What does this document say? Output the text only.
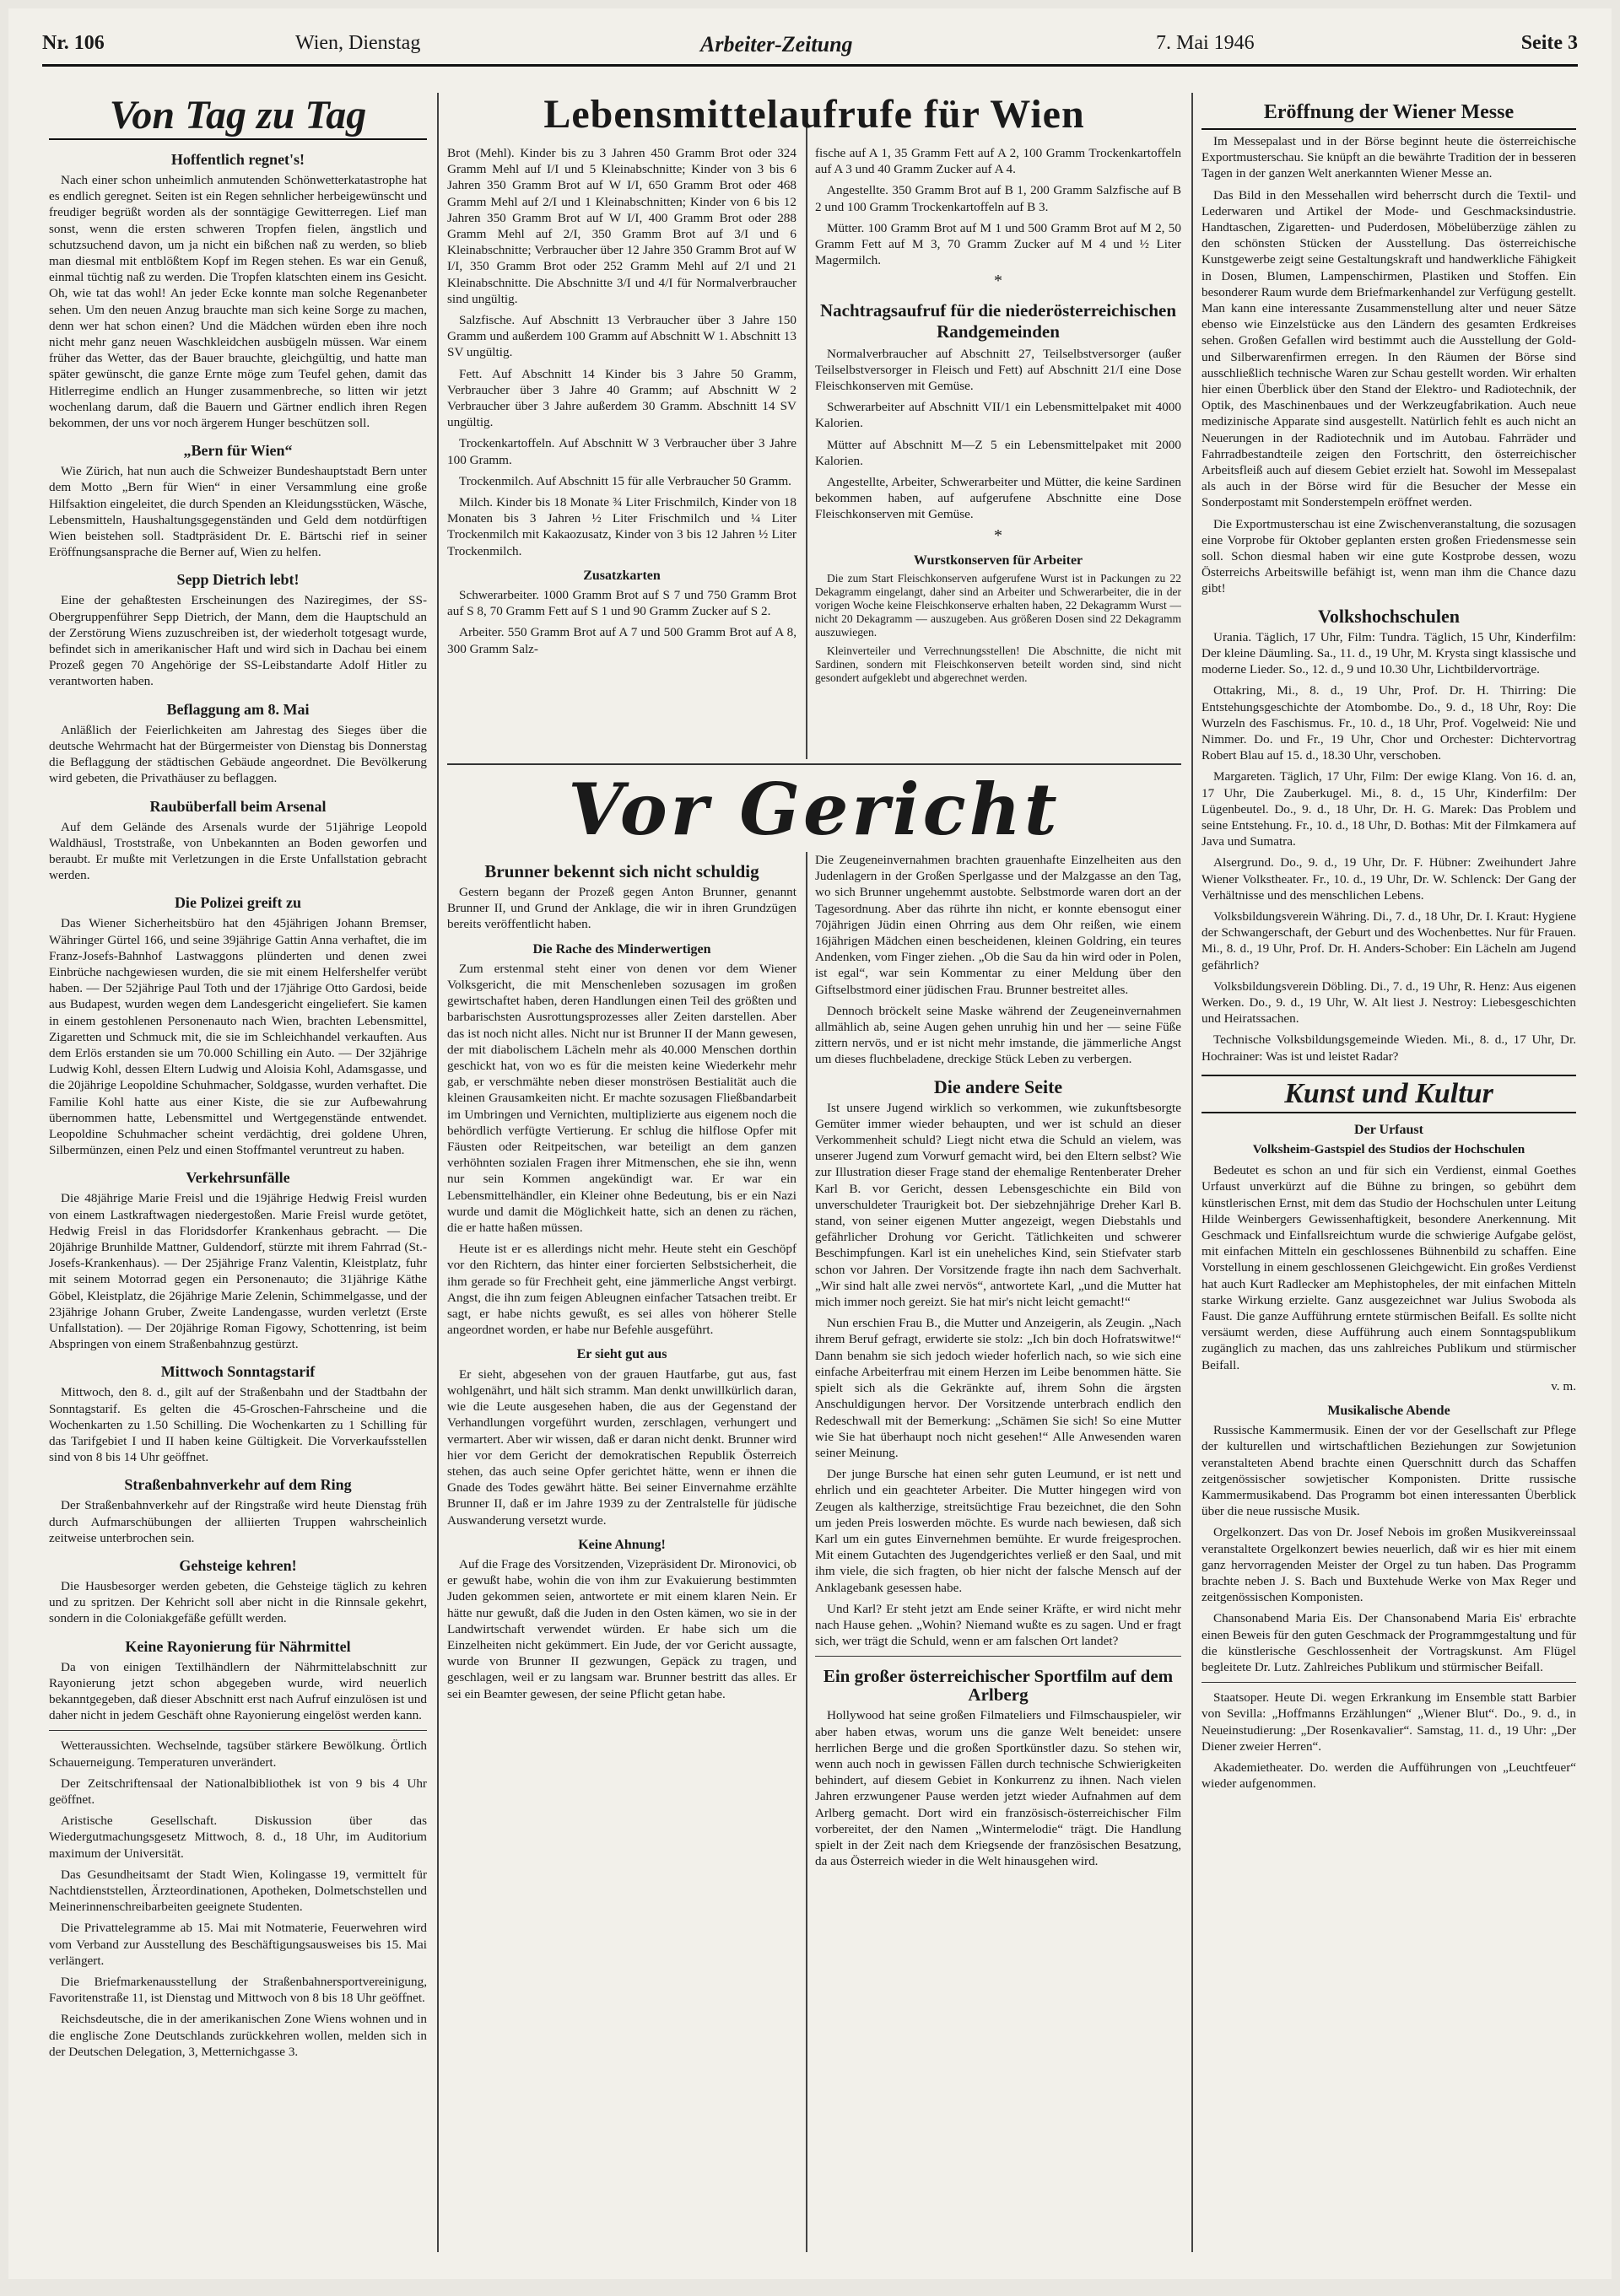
Nr. 106	Wien, Dienstag	Arbeiter-Zeitung	7. Mai 1946	Seite 3
Von Tag zu Tag
Hoffentlich regnet's!

Nach einer schon unheimlich anmutenden Schönwetterkatastrophe hat es endlich geregnet. Seiten ist ein Regen sehnlicher herbeigewünscht und freudiger begrüßt worden als der sonntägige Gewitterregen. Lief man sonst, wenn die ersten schweren Tropfen fielen, ängstlich und schutzsuchend davon, um ja nicht ein bißchen naß zu werden, so blieb man diesmal mit entblößtem Kopf im Regen stehen. Es war ein Genuß, einmal tüchtig naß zu werden. Die Tropfen klatschten einem ins Gesicht. Oh, wie tat das wohl! An jeder Ecke konnte man solche Regenanbeter sehen. Um den neuen Anzug brauchte man sich keine Sorge zu machen, denn wer hat schon einen? Und die Mädchen würden eben ihre noch nicht mehr ganz neuen Waschkleidchen ausbügeln müssen. War einem früher das Wetter, das der Bauer brauchte, gleichgültig, und hatte man später gewünscht, die ganze Ernte möge zum Teufel gehen, damit das Hitlerregime endlich an Hunger zusammenbreche, so litten wir jetzt wochenlang darum, daß die Bauern und Gärtner endlich ihren Regen bekommen, der uns vor noch ärgerem Hunger beschützen soll.

„Bern für Wien“

Wie Zürich, hat nun auch die Schweizer Bundeshauptstadt Bern unter dem Motto „Bern für Wien“ in einer Versammlung eine große Hilfsaktion eingeleitet, die durch Spenden an Kleidungsstücken, Wäsche, Lebensmitteln, Haushaltungsgegenständen und Geld dem notdürftigen Wien beistehen soll. Stadtpräsident Dr. E. Bärtschi rief in seiner Eröffnungsansprache die Berner auf, Wien zu helfen.

Sepp Dietrich lebt!

Eine der gehaßtesten Erscheinungen des Naziregimes, der SS-Obergruppenführer Sepp Dietrich, der Mann, dem die Hauptschuld an der Zerstörung Wiens zuzuschreiben ist, der wiederholt totgesagt wurde, befindet sich in amerikanischer Haft und wird sich in Dachau bei einem Prozeß gegen 70 Angehörige der SS-Leibstandarte Adolf Hitler zu verantworten haben.

Beflaggung am 8. Mai

Anläßlich der Feierlichkeiten am Jahrestag des Sieges über die deutsche Wehrmacht hat der Bürgermeister von Dienstag bis Donnerstag die Beflaggung der städtischen Gebäude angeordnet. Die Bevölkerung wird gebeten, die Privathäuser zu beflaggen.

Raubüberfall beim Arsenal

Auf dem Gelände des Arsenals wurde der 51jährige Leopold Waldhäusl, Troststraße, von Unbekannten an Boden geworfen und beraubt. Er mußte mit Verletzungen in die Erste Unfallstation gebracht werden.

Die Polizei greift zu

Das Wiener Sicherheitsbüro hat den 45jährigen Johann Bremser, Währinger Gürtel 166, und seine 39jährige Gattin Anna verhaftet, die im Franz-Josefs-Bahnhof Lastwaggons plünderten und denen zwei Einbrüche nachgewiesen wurden, die sie mit einem Helfershelfer verübt haben. — Der 52jährige Paul Toth und der 17jährige Otto Gardosi, beide aus Budapest, wurden wegen dem Landesgericht eingeliefert. Sie kamen in einem gestohlenen Personenauto nach Wien, brachten Lebensmittel, Zigaretten und Schmuck mit, die sie im Schleichhandel verkauften. Aus dem Erlös erstanden sie um 70.000 Schilling ein Auto. — Der 32jährige Ludwig Kohl, dessen Eltern Ludwig und Aloisia Kohl, Adamsgasse, und die 20jährige Leopoldine Schuhmacher, Soldgasse, wurden verhaftet. Die Familie Kohl hatte aus einer Kiste, die sie zur Aufbewahrung übernommen hatte, Lebensmittel und Wertgegenstände entwendet. Leopoldine Schuhmacher scheint verdächtig, drei goldene Uhren, Silbermünzen, einen Pelz und einen Stoffmantel veruntreut zu haben.

Verkehrsunfälle

Die 48jährige Marie Freisl und die 19jährige Hedwig Freisl wurden von einem Lastkraftwagen niedergestoßen. Marie Freisl wurde getötet, Hedwig Freisl in das Floridsdorfer Krankenhaus gebracht. — Die 20jährige Brunhilde Mattner, Guldendorf, stürzte mit ihrem Fahrrad (St.-Josefs-Krankenhaus). — Der 25jährige Franz Valentin, Kleistplatz, fuhr mit seinem Motorrad gegen ein Personenauto; die 31jährige Käthe Göbel, Kleistplatz, die 26jährige Marie Zelenin, Schimmelgasse, und der 23jährige Johann Gruber, Zweite Landengasse, wurden verletzt (Erste Unfallstation). — Der 20jährige Roman Figowy, Schottenring, ist beim Abspringen von einem Straßenbahnzug gestürzt.

Mittwoch Sonntagstarif

Mittwoch, den 8. d., gilt auf der Straßenbahn und der Stadtbahn der Sonntagstarif. Es gelten die 45-Groschen-Fahrscheine und die Wochenkarten zu 1.50 Schilling. Die Wochenkarten zu 1 Schilling für das Tarifgebiet I und II haben keine Gültigkeit. Die Vorverkaufsstellen sind von 8 bis 14 Uhr geöffnet.

Straßenbahnverkehr auf dem Ring

Der Straßenbahnverkehr auf der Ringstraße wird heute Dienstag früh durch Aufmarschübungen der alliierten Truppen wahrscheinlich zeitweise unterbrochen sein.

Gehsteige kehren!

Die Hausbesorger werden gebeten, die Gehsteige täglich zu kehren und zu spritzen. Der Kehricht soll aber nicht in die Rinnsale gekehrt, sondern in die Coloniakgefäße gefüllt werden.

Keine Rayonierung für Nährmittel

Da von einigen Textilhändlern der Nährmittelabschnitt zur Rayonierung jetzt schon abgegeben wurde, wird neuerlich bekanntgegeben, daß dieser Abschnitt erst nach Aufruf einzulösen ist und daher nicht in jedem Geschäft ohne Rayonierung eingelöst werden kann.

Wetteraussichten. Wechselnde, tagsüber stärkere Bewölkung. Örtlich Schauerneigung. Temperaturen unverändert.

Der Zeitschriftensaal der Nationalbibliothek ist von 9 bis 4 Uhr geöffnet.

Aristische Gesellschaft. Diskussion über das Wiedergutmachungsgesetz Mittwoch, 8. d., 18 Uhr, im Auditorium maximum der Universität.

Das Gesundheitsamt der Stadt Wien, Kolingasse 19, vermittelt für Nachtdienststellen, Ärzteordinationen, Apotheken, Dolmetschstellen und Meinerinnenschreibarbeiten geeignete Studenten.

Die Privattelegramme ab 15. Mai mit Notmaterie, Feuerwehren wird vom Verband zur Ausstellung des Beschäftigungsausweises bis 15. Mai verlängert.

Die Briefmarkenausstellung der Straßenbahnersportvereinigung, Favoritenstraße 11, ist Dienstag und Mittwoch von 8 bis 18 Uhr geöffnet.

Reichsdeutsche, die in der amerikanischen Zone Wiens wohnen und in die englische Zone Deutschlands zurückkehren wollen, melden sich in der Deutschen Delegation, 3, Metternichgasse 3.

Lebensmittelaufrufe für Wien

Brot (Mehl). Kinder bis zu 3 Jahren 450 Gramm Brot oder 324 Gramm Mehl auf I/I und 5 Kleinabschnitte; Kinder von 3 bis 6 Jahren 350 Gramm Brot auf W I/I, 650 Gramm Brot oder 468 Gramm Mehl auf 2/I und 1 Kleinabschnitten; Kinder von 6 bis 12 Jahren 350 Gramm Brot auf W I/I, 400 Gramm Brot oder 288 Gramm Mehl auf 2/I, 350 Gramm Brot auf 3/I und 6 Kleinabschnitte; Verbraucher über 12 Jahre 350 Gramm Brot auf W I/I, 350 Gramm Brot oder 252 Gramm Mehl auf 2/I und 21 Kleinabschnitte. Die Abschnitte 3/I und 4/I für Normalverbraucher sind ungültig.

Salzfische. Auf Abschnitt 13 Verbraucher über 3 Jahre 150 Gramm und außerdem 100 Gramm auf Abschnitt W 1. Abschnitt 13 SV ungültig.

Fett. Auf Abschnitt 14 Kinder bis 3 Jahre 50 Gramm, Verbraucher über 3 Jahre 40 Gramm; auf Abschnitt W 2 Verbraucher über 3 Jahre außerdem 30 Gramm. Abschnitt 14 SV ungültig.

Trockenkartoffeln. Auf Abschnitt W 3 Verbraucher über 3 Jahre 100 Gramm.

Trockenmilch. Auf Abschnitt 15 für alle Verbraucher 50 Gramm.

Milch. Kinder bis 18 Monate ¾ Liter Frischmilch, Kinder von 18 Monaten bis 3 Jahren ½ Liter Frischmilch und ¼ Liter Trockenmilch mit Kakaozusatz, Kinder von 3 bis 12 Jahren ½ Liter Trockenmilch.

Zusatzkarten

Schwerarbeiter. 1000 Gramm Brot auf S 7 und 750 Gramm Brot auf S 8, 70 Gramm Fett auf S 1 und 90 Gramm Zucker auf S 2.

Arbeiter. 550 Gramm Brot auf A 7 und 500 Gramm Brot auf A 8, 300 Gramm Salz-

fische auf A 1, 35 Gramm Fett auf A 2, 100 Gramm Trockenkartoffeln auf A 3 und 40 Gramm Zucker auf A 4.

Angestellte. 350 Gramm Brot auf B 1, 200 Gramm Salzfische auf B 2 und 100 Gramm Trockenkartoffeln auf B 3.

Mütter. 100 Gramm Brot auf M 1 und 500 Gramm Brot auf M 2, 50 Gramm Fett auf M 3, 70 Gramm Zucker auf M 4 und ½ Liter Magermilch.

*
Nachtragsaufruf für die niederösterreichischen Randgemeinden

Normalverbraucher auf Abschnitt 27, Teilselbstversorger (außer Teilselbstversorger in Fleisch und Fett) auf Abschnitt 21/I eine Dose Fleischkonserven mit Gemüse.

Schwerarbeiter auf Abschnitt VII/1 ein Lebensmittelpaket mit 4000 Kalorien.

Mütter auf Abschnitt M—Z 5 ein Lebensmittelpaket mit 2000 Kalorien.

Angestellte, Arbeiter, Schwerarbeiter und Mütter, die keine Sardinen bekommen haben, auf aufgerufene Abschnitte eine Dose Fleischkonserven mit Gemüse.

*
Wurstkonserven für Arbeiter

Die zum Start Fleischkonserven aufgerufene Wurst ist in Packungen zu 22 Dekagramm eingelangt, daher sind an Arbeiter und Schwerarbeiter, die in der vorigen Woche keine Fleischkonserve erhalten haben, 22 Dekagramm Wurst — nicht 20 Dekagramm — auszugeben. Aus größeren Dosen sind 22 Dekagramm auszuwiegen.

Kleinverteiler und Verrechnungsstellen! Die Abschnitte, die nicht mit Sardinen, sondern mit Fleischkonserven beteilt worden sind, sind nicht gesondert aufgeklebt und abgerechnet werden.

Vor Gericht
Brunner bekennt sich nicht schuldig

Gestern begann der Prozeß gegen Anton Brunner, genannt Brunner II, und Grund der Anklage, die wir in ihren Grundzügen bereits veröffentlicht haben.

Die Rache des Minderwertigen

Zum erstenmal steht einer von denen vor dem Wiener Volksgericht, die mit Menschenleben sozusagen im großen gewirtschaftet haben, deren Handlungen einen Teil des größten und barbarischsten Ausrottungsprozesses aller Zeiten darstellen. Aber das ist noch nicht alles. Nicht nur ist Brunner II der Mann gewesen, der mit diabolischem Lächeln mehr als 40.000 Menschen dorthin geschickt hat, von wo es für die meisten keine Wiederkehr mehr gab, er verschmähte neben dieser monströsen Bestialität auch die kleinen Grausamkeiten nicht. Er machte sozusagen Fließbandarbeit im Umbringen und Vernichten, multiplizierte aus eigenem noch die behördlich verfügte Vertierung. Er schlug die hilflose Opfer mit Fäusten oder Reitpeitschen, war beteiligt an dem ganzen verhöhnten sozialen Fragen ihrer Mitmenschen, ehe sie ihn, wenn nur sein Kommen angekündigt war. Er war ein Lebensmittelhändler, ein Kleiner ohne Bedeutung, bis er ein Nazi wurde und damit die Möglichkeit hatte, sich an denen zu rächen, die er hatte haßen müssen.

Heute ist er es allerdings nicht mehr. Heute steht ein Geschöpf vor den Richtern, das hinter einer forcierten Selbstsicherheit, die ihm gerade so für Frechheit geht, eine jämmerliche Angst verbirgt. Angst, die ihn zum feigen Ableugnen einfacher Tatsachen treibt. Er sagt, er habe nichts gewußt, es sei alles von höherer Stelle angeordnet worden, er habe nur Befehle ausgeführt.

Er sieht gut aus

Er sieht, abgesehen von der grauen Hautfarbe, gut aus, fast wohlgenährt, und hält sich stramm. Man denkt unwillkürlich daran, wie die Leute ausgesehen haben, die aus der Gegenstand der Verhandlungen vorgeführt wurden, zerschlagen, verhungert und vermartert. Aber wir wissen, daß er daran nicht denkt. Brunner wird hier vor dem Gericht der demokratischen Republik Österreich stehen, das auch seine Opfer gerichtet hätte, wenn er ihnen die Gnade des Todes gewährt hätte. Bei seiner Einvernahme erzählte Brunner II, daß er im Jahre 1939 zu der Zentralstelle für jüdische Auswanderung versetzt wurde.

Keine Ahnung!

Auf die Frage des Vorsitzenden, Vizepräsident Dr. Mironovici, ob er gewußt habe, wohin die von ihm zur Evakuierung bestimmten Juden gekommen seien, antwortete er mit einem klaren Nein. Er hätte nur gewußt, daß die Juden in den Osten kämen, wo sie in der Landwirtschaft verwendet würden. Er habe sich um die Einzelheiten nicht gekümmert. Ein Jude, der vor Gericht aussagte, wurde von Brunner II gezwungen, Gepäck zu tragen, und geschlagen, weil er zu langsam war. Brunner bestritt das alles. Er sei ein Beamter gewesen, der seine Pflicht getan habe.

Die Zeugeneinvernahmen brachten grauenhafte Einzelheiten aus den Judenlagern in der Großen Sperlgasse und der Malzgasse an den Tag, wo sich Brunner ungehemmt austobte. Selbstmorde waren dort an der Tagesordnung. Aber das rührte ihn nicht, er konnte ebensogut einer 70jährigen Jüdin einen Ohrring aus dem Ohr reißen, wie einem 16jährigen Mädchen einen bescheidenen, kleinen Goldring, ein teures Andenken, vom Finger ziehen. „Ob die Sau da hin wird oder in Polen, ist egal“, war sein Kommentar zu einer Meldung über den Giftselbstmord einer jüdischen Frau. Brunner bestreitet alles.

Dennoch bröckelt seine Maske während der Zeugeneinvernahmen allmählich ab, seine Augen gehen unruhig hin und her — seine Füße zittern nervös, und er ist nicht mehr imstande, die jämmerliche Angst um dieses fluchbeladene, dreckige Stück Leben zu verbergen.

Die andere Seite

Ist unsere Jugend wirklich so verkommen, wie zukunftsbesorgte Gemüter immer wieder behaupten, und wer ist schuld an dieser Verkommenheit schuld? Liegt nicht etwa die Schuld an vielem, was unserer Jugend zum Vorwurf gemacht wird, bei den Eltern selbst? Wie zur Illustration dieser Frage stand der ehemalige Rentenberater Dreher Karl B. vor Gericht, dessen Lebensgeschichte ein Bild von unverschuldeter Traurigkeit bot. Der siebzehnjährige Dreher Karl B. stand, von seiner eigenen Mutter angezeigt, wegen Diebstahls und gefährlicher Drohung vor Gericht. Tätlichkeiten und schwerer Beschimpfungen. Karl ist ein uneheliches Kind, sein Stiefvater starb schon vor Jahren. Der Vorsitzende fragte ihn nach dem Sachverhalt. „Wir sind halt alle zwei nervös“, antwortete Karl, „und die Mutter hat mich immer noch gereizt. Sie hat mir's nicht leicht gemacht!“

Nun erschien Frau B., die Mutter und Anzeigerin, als Zeugin. „Nach ihrem Beruf gefragt, erwiderte sie stolz: „Ich bin doch Hofratswitwe!“ Dann benahm sie sich jedoch wieder hoferlich nach, so wie sich eine einfache Arbeiterfrau mit einem Herzen im Leibe benommen hätte. Sie spielt sich als die Gekränkte auf, ihrem Sohn die ärgsten Anschuldigungen hervor. Der Vorsitzende unterbrach endlich den Redeschwall mit der Bemerkung: „Schämen Sie sich! So eine Mutter wie Sie hat überhaupt noch nicht gesehen!“ Alle Anwesenden waren seiner Meinung.

Der junge Bursche hat einen sehr guten Leumund, er ist nett und ehrlich und ein geachteter Arbeiter. Die Mutter hingegen wird von Zeugen als kaltherzige, streitsüchtige Frau bezeichnet, die den Sohn um jeden Preis loswerden möchte. Es wurde nach bewiesen, daß sich Karl um ein gutes Einvernehmen bemühte. Er wurde freigesprochen. Mit einem Gutachten des Jugendgerichtes verließ er den Saal, und mit ihm viele, die sich fragten, ob hier nicht der falsche Mensch auf der Anklagebank gesessen habe.

Und Karl? Er steht jetzt am Ende seiner Kräfte, er wird nicht mehr nach Hause gehen. „Wohin? Niemand wußte es zu sagen. Und er fragt sich, wer trägt die Schuld, wenn er am falschen Ort landet?

Ein großer österreichischer Sportfilm auf dem Arlberg

Hollywood hat seine großen Filmateliers und Filmschauspieler, wir aber haben etwas, worum uns die ganze Welt beneidet: unsere herrlichen Berge und die großen Sportkünstler dazu. So stehen wir, wenn auch noch in gewissen Fällen durch technische Schwierigkeiten behindert, auf diesem Gebiet in Konkurrenz zu ihnen. Nach vielen Jahren erzwungener Pause werden jetzt wieder Aufnahmen auf dem Arlberg gemacht. Dort wird ein französisch-österreichischer Film vorbereitet, der den Namen „Wintermelodie“ trägt. Die Handlung spielt in der Zeit nach dem Kriegsende der französischen Besatzung, da aus Österreich wieder in die Welt hinausgehen wird.

Eröffnung der Wiener Messe

Im Messepalast und in der Börse beginnt heute die österreichische Exportmusterschau. Sie knüpft an die bewährte Tradition der in besseren Tagen in der ganzen Welt anerkannten Wiener Messe an.

Das Bild in den Messehallen wird beherrscht durch die Textil- und Lederwaren und Artikel der Mode- und Geschmacksindustrie. Handtaschen, Zigaretten- und Puderdosen, Möbelüberzüge zählen zu den schönsten Stücken der Ausstellung. Das österreichische Kunstgewerbe zeigt seine Gestaltungskraft und handwerkliche Fähigkeit in Dosen, Blumen, Lampenschirmen, Plastiken und Stoffen. Ein besonderer Raum wurde dem Briefmarkenhandel zur Verfügung gestellt. Man kann eine interessante Zusammenstellung alter und neuer Sätze ebenso wie Einzelstücke aus den Ländern des gesamten Erdkreises sehen. Großen Gefallen wird bestimmt auch die Ausstellung der Gold- und Silberwarenfirmen erregen. In den Räumen der Börse sind ausschließlich technische Waren zur Schau gestellt worden. Wir erhalten hier einen Überblick über den Stand der Elektro- und Radiotechnik, der Optik, des Maschinenbaues und der Werkzeugfabrikation. Auch neue medizinische Apparate sind ausgestellt. Natürlich fehlt es auch nicht an Neuerungen in der Radiotechnik und im Autobau. Fahrräder und Fahrradbestandteile zeigen den Fortschritt, den österreichischer Arbeitsfleiß auch auf diesem Gebiet erzielt hat. Sowohl im Messepalast als auch in der Börse wird für die Besucher der Messe ein Sonderpostamt mit Sonderstempeln eröffnet werden.

Die Exportmusterschau ist eine Zwischenveranstaltung, die sozusagen eine Vorprobe für Oktober geplanten ersten großen Friedensmesse sein soll. Schon diesmal haben wir eine gute Kostprobe dessen, wozu Österreichs Arbeitswille befähigt ist, wenn man ihm die Chance dazu gibt!

Volkshochschulen

Urania. Täglich, 17 Uhr, Film: Tundra. Täglich, 15 Uhr, Kinderfilm: Der kleine Däumling. Sa., 11. d., 19 Uhr, M. Krysta singt klassische und moderne Lieder. So., 12. d., 9 und 10.30 Uhr, Lichtbildervorträge.

Ottakring, Mi., 8. d., 19 Uhr, Prof. Dr. H. Thirring: Die Entstehungsgeschichte der Atombombe. Do., 9. d., 18 Uhr, Roy: Die Wurzeln des Faschismus. Fr., 10. d., 18 Uhr, Prof. Vogelweid: Nie und Nimmer. Do. und Fr., 19 Uhr, Chor und Orchester: Dichtervortrag Robert Blau auf 15. d., 18.30 Uhr, verschoben.

Margareten. Täglich, 17 Uhr, Film: Der ewige Klang. Von 16. d. an, 17 Uhr, Die Zauberkugel. Mi., 8. d., 15 Uhr, Kinderfilm: Der Lügenbeutel. Do., 9. d., 18 Uhr, Dr. H. G. Marek: Das Problem und seine Entstehung. Fr., 10. d., 18 Uhr, D. Bothas: Mit der Filmkamera auf Java und Sumatra.

Alsergrund. Do., 9. d., 19 Uhr, Dr. F. Hübner: Zweihundert Jahre Wiener Volkstheater. Fr., 10. d., 19 Uhr, Dr. W. Schlenck: Der Gang der Verhältnisse und des menschlichen Lebens.

Volksbildungsverein Währing. Di., 7. d., 18 Uhr, Dr. I. Kraut: Hygiene der Schwangerschaft, der Geburt und des Wochenbettes. Nur für Frauen. Mi., 8. d., 19 Uhr, Prof. Dr. H. Anders-Schober: Ein Lächeln am Jugend gefährlich?

Volksbildungsverein Döbling. Di., 7. d., 19 Uhr, R. Henz: Aus eigenen Werken. Do., 9. d., 19 Uhr, W. Alt liest J. Nestroy: Liebesgeschichten und Heiratssachen.

Technische Volksbildungsgemeinde Wieden. Mi., 8. d., 17 Uhr, Dr. Hochrainer: Was ist und leistet Radar?

Kunst und Kultur
Der Urfaust

Volksheim-Gastspiel des Studios der Hochschulen

Bedeutet es schon an und für sich ein Verdienst, einmal Goethes Urfaust unverkürzt auf die Bühne zu bringen, so gebührt dem künstlerischen Ernst, mit dem das Studio der Hochschulen unter Leitung Hilde Weinbergers Gewissenhaftigkeit, besondere Anerkennung. Mit Geschmack und Einfallsreichtum wurde die schwierige Aufgabe gelöst, mit einfachen Mitteln ein geschlossenes Bühnenbild zu schaffen. Eine Vorstellung in einem geschlossenen Gleichgewicht. Ein großes Verdienst hat auch Kurt Radlecker am Mephistopheles, der mit einfachen Mitteln starke Wirkung erzielte. Ganz ausgezeichnet war Julius Swoboda als Faust. Die ganze Aufführung erntete stürmischen Beifall. Es sollte nicht versäumt werden, diese Aufführung auch einem Sonntagspublikum zugänglich zu machen, das uns zahlreiches Publikum und stürmischer Beifall.

v. m.

Musikalische Abende

Russische Kammermusik. Einen der vor der Gesellschaft zur Pflege der kulturellen und wirtschaftlichen Beziehungen zur Sowjetunion veranstalteten Abend brachte einen Querschnitt durch das Schaffen zeitgenössischer sowjetischer Komponisten. Dritte russische Kammermusikabend. Das Programm bot einen interessanten Überblick über die neue russische Musik.

Orgelkonzert. Das von Dr. Josef Nebois im großen Musikvereinssaal veranstaltete Orgelkonzert bewies neuerlich, daß wir es hier mit einem ganz hervorragenden Meister der Orgel zu tun haben. Das Programm brachte neben J. S. Bach und Buxtehude Werke von Max Reger und zeitgenössischen Komponisten.

Chansonabend Maria Eis. Der Chansonabend Maria Eis' erbrachte einen Beweis für den guten Geschmack der Programmgestaltung und für die künstlerische Geschlossenheit der Vortragskunst. Am Flügel begleitete Dr. Lutz. Zahlreiches Publikum und stürmischer Beifall.

Staatsoper. Heute Di. wegen Erkrankung im Ensemble statt Barbier von Sevilla: „Hoffmanns Erzählungen“ „Wiener Blut“. Do., 9. d., in Neueinstudierung: „Der Rosenkavalier“. Samstag, 11. d., 19 Uhr: „Der Diener zweier Herren“.

Akademietheater. Do. werden die Aufführungen von „Leuchtfeuer“ wieder aufgenommen.
